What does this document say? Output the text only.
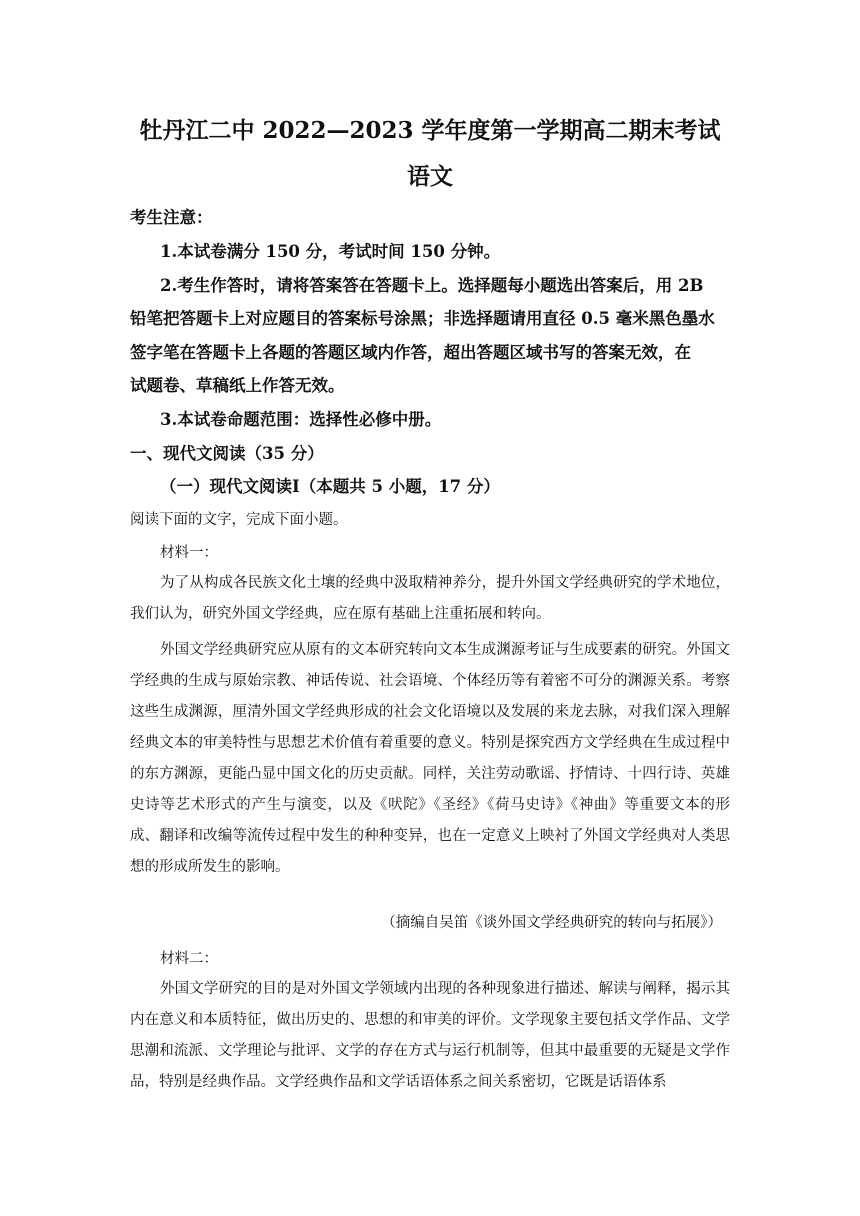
牡丹江二中 2022—2023 学年度第一学期高二期末考试
语文
考生注意：
1.本试卷满分 150 分，考试时间 150 分钟。
2.考生作答时，请将答案答在答题卡上。选择题每小题选出答案后，用 2B
铅笔把答题卡上对应题目的答案标号涂黑；非选择题请用直径 0.5 毫米黑色墨水
签字笔在答题卡上各题的答题区域内作答，超出答题区域书写的答案无效，在
试题卷、草稿纸上作答无效。
3.本试卷命题范围：选择性必修中册。
一、现代文阅读（35 分）
（一）现代文阅读Ⅰ（本题共 5 小题，17 分）
阅读下面的文字，完成下面小题。
材料一：
为了从构成各民族文化土壤的经典中汲取精神养分，提升外国文学经典研究的学术地位，我们认为，研究外国文学经典，应在原有基础上注重拓展和转向。
外国文学经典研究应从原有的文本研究转向文本生成渊源考证与生成要素的研究。外国文学经典的生成与原始宗教、神话传说、社会语境、个体经历等有着密不可分的渊源关系。考察这些生成渊源，厘清外国文学经典形成的社会文化语境以及发展的来龙去脉，对我们深入理解经典文本的审美特性与思想艺术价值有着重要的意义。特别是探究西方文学经典在生成过程中的东方渊源，更能凸显中国文化的历史贡献。同样，关注劳动歌谣、抒情诗、十四行诗、英雄史诗等艺术形式的产生与演变，以及《吠陀》《圣经》《荷马史诗》《神曲》等重要文本的形成、翻译和改编等流传过程中发生的种种变异，也在一定意义上映衬了外国文学经典对人类思想的形成所发生的影响。
（摘编自吴笛《谈外国文学经典研究的转向与拓展》）
材料二：
外国文学研究的目的是对外国文学领域内出现的各种现象进行描述、解读与阐释，揭示其内在意义和本质特征，做出历史的、思想的和审美的评价。文学现象主要包括文学作品、文学思潮和流派、文学理论与批评、文学的存在方式与运行机制等，但其中最重要的无疑是文学作品，特别是经典作品。文学经典作品和文学话语体系之间关系密切，它既是话语体系
